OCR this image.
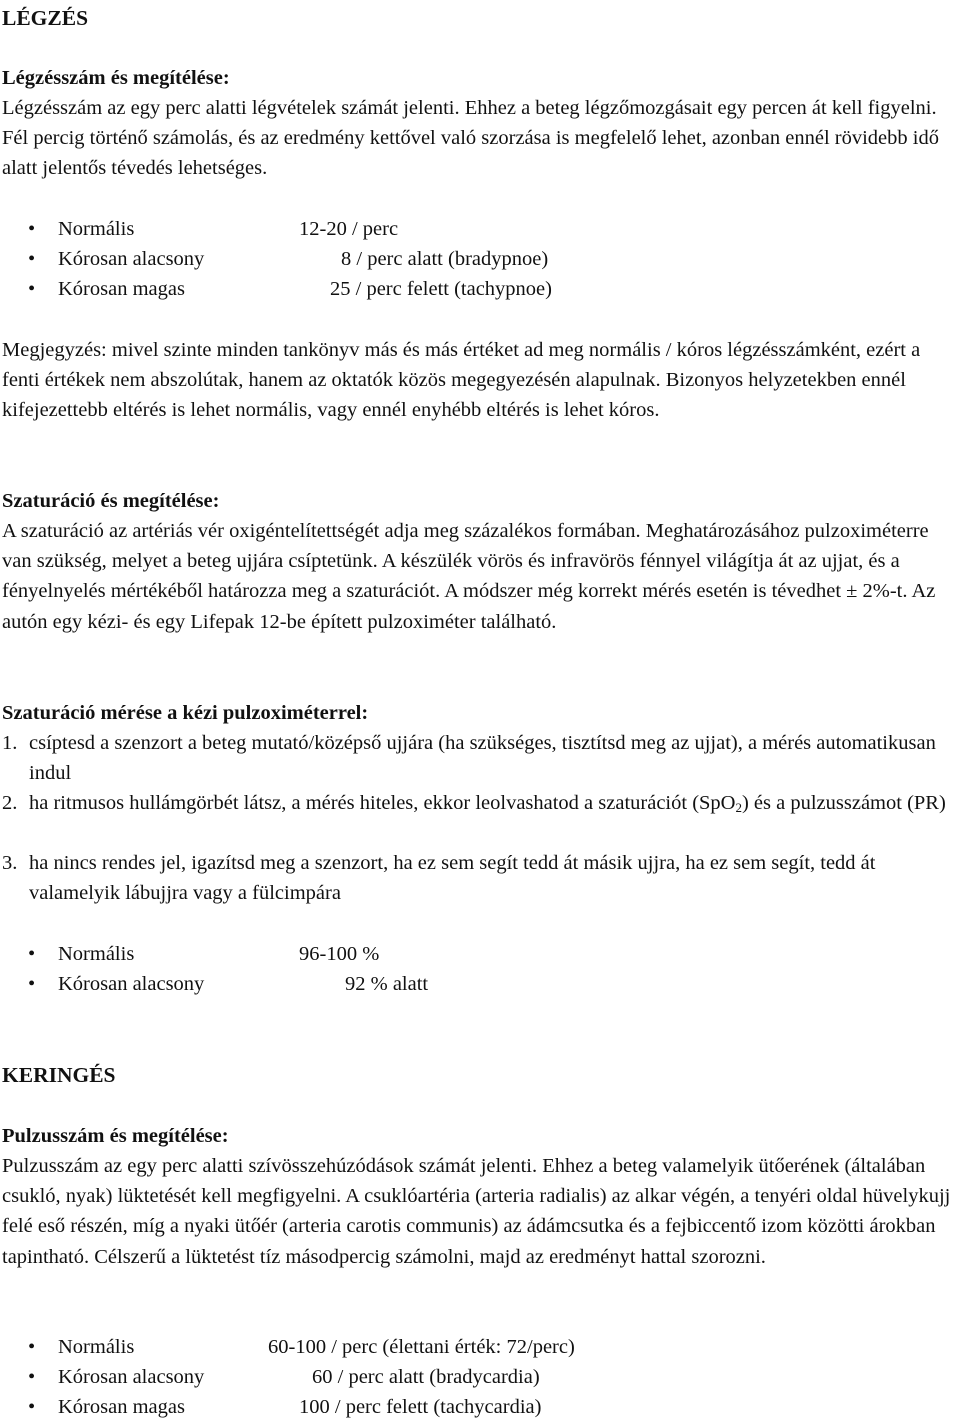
LÉGZÉS
Légzésszám és megítélése:
Légzésszám az egy perc alatti légvételek számát jelenti. Ehhez a beteg légzőmozgásait egy percen át kell figyelni. Fél percig történő számolás, és az eredmény kettővel való szorzása is megfelelő lehet, azonban ennél rövidebb idő alatt jelentős tévedés lehetséges.
• Normális	12-20 / perc
• Kórosan alacsony	8 / perc alatt (bradypnoe)
• Kórosan magas	25 / perc felett (tachypnoe)
Megjegyzés: mivel szinte minden tankönyv más és más értéket ad meg normális / kóros légzésszámként, ezért a fenti értékek nem abszolútak, hanem az oktatók közös megegyezésén alapulnak. Bizonyos helyzetekben ennél kifejezettebb eltérés is lehet normális, vagy ennél enyhébb eltérés is lehet kóros.
Szaturáció és megítélése:
A szaturáció az artériás vér oxigéntelítettségét adja meg százalékos formában. Meghatározásához pulzoximéterre van szükség, melyet a beteg ujjára csíptetünk. A készülék vörös és infravörös fénnyel világítja át az ujjat, és a fényelnyelés mértékéből határozza meg a szaturációt. A módszer még korrekt mérés esetén is tévedhet ± 2%-t. Az autón egy kézi- és egy Lifepak 12-be épített pulzoximéter található.
Szaturáció mérése a kézi pulzoximéterrel:
1. csíptesd a szenzort a beteg mutató/középső ujjára (ha szükséges, tisztítsd meg az ujjat), a mérés automatikusan indul
2. ha ritmusos hullámgörbét látsz, a mérés hiteles, ekkor leolvashatod a szaturációt (SpO$_2$) és a pulzusszámot (PR)
3. ha nincs rendes jel, igazítsd meg a szenzort, ha ez sem segít tedd át másik ujjra, ha ez sem segít, tedd át valamelyik lábujjra vagy a fülcimpára
• Normális	96-100 %
• Kórosan alacsony	92 % alatt
KERINGÉS
Pulzusszám és megítélése:
Pulzusszám az egy perc alatti szívösszehúzódások számát jelenti. Ehhez a beteg valamelyik ütőerének (általában csukló, nyak) lüktetését kell megfigyelni. A csuklóartéria (arteria radialis) az alkar végén, a tenyéri oldal hüvelykujj felé eső részén, míg a nyaki ütőér (arteria carotis communis) az ádámcsutka és a fejbiccentő izom közötti árokban tapintható. Célszerű a lüktetést tíz másodpercig számolni, majd az eredményt hattal szorozni.
• Normális	60-100 / perc (élettani érték: 72/perc)
• Kórosan alacsony	60 / perc alatt (bradycardia)
• Kórosan magas	100 / perc felett (tachycardia)
